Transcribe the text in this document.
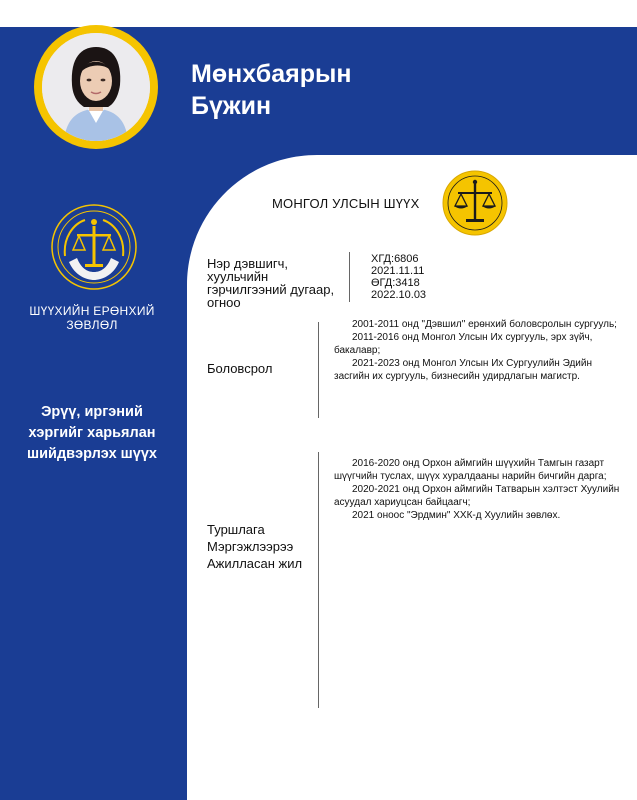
Мөнхбаярын
Бүжин
ШҮҮХИЙН ЕРӨНХИЙ
ЗӨВЛӨЛ
Эрүү, иргэний
хэргийг харьялан
шийдвэрлэх шүүх
МОНГОЛ УЛСЫН ШҮҮХ
Нэр дэвшигч,
хуульчийн
гэрчилгээний дугаар,
огноо
ХГД:6806
2021.11.11
ӨГД:3418
2022.10.03
Боловсрол

2001-2011 онд "Дэвшил" ерөнхий боловсролын сургууль;

2011-2016 онд Монгол Улсын Их сургууль, эрх зүйч, бакалавр;

2021-2023 онд Монгол Улсын Их Сургуулийн Эдийн засгийн их сургууль, бизнесийн удирдлагын магистр.

Туршлага
Мэргэжлээрээ
Ажилласан жил

2016-2020 онд Орхон аймгийн шүүхийн Тамгын газарт шүүгчийн туслах, шүүх хуралдааны нарийн бичгийн дарга;

2020-2021 онд Орхон аймгийн Татварын хэлтэст Хуулийн асуудал хариуцсан байцаагч;

2021 оноос "Эрдмин" ХХК-д Хуулийн зөвлөх.
